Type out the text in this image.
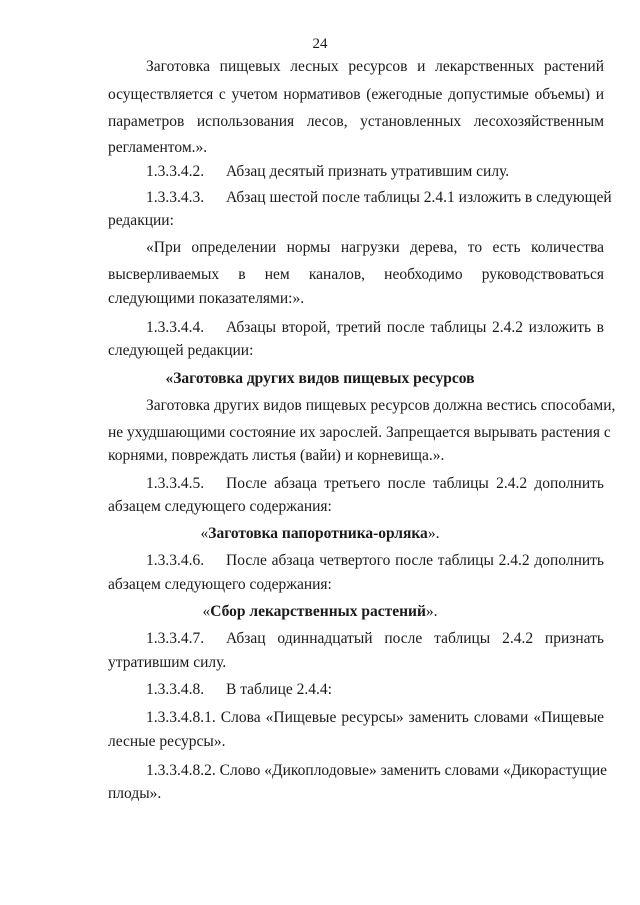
24
Заготовка пищевых лесных ресурсов и лекарственных растений
осуществляется с учетом нормативов (ежегодные допустимые объемы) и
параметров использования лесов, установленных лесохозяйственным
регламентом.».
1.3.3.4.2. Абзац десятый признать утратившим силу.
1.3.3.4.3. Абзац шестой после таблицы 2.4.1 изложить в следующей
редакции:
«При определении нормы нагрузки дерева, то есть количества
высверливаемых в нем каналов, необходимо руководствоваться
следующими показателями:».
1.3.3.4.4. Абзацы второй, третий после таблицы 2.4.2 изложить в
следующей редакции:
«Заготовка других видов пищевых ресурсов
Заготовка других видов пищевых ресурсов должна вестись способами,
не ухудшающими состояние их зарослей. Запрещается вырывать растения с
корнями, повреждать листья (вайи) и корневища.».
1.3.3.4.5. После абзаца третьего после таблицы 2.4.2 дополнить
абзацем следующего содержания:
«Заготовка папоротника-орляка».
1.3.3.4.6. После абзаца четвертого после таблицы 2.4.2 дополнить
абзацем следующего содержания:
«Сбор лекарственных растений».
1.3.3.4.7. Абзац одиннадцатый после таблицы 2.4.2 признать
утратившим силу.
1.3.3.4.8. В таблице 2.4.4:
1.3.3.4.8.1. Слова «Пищевые ресурсы» заменить словами «Пищевые
лесные ресурсы».
1.3.3.4.8.2. Слово «Дикоплодовые» заменить словами «Дикорастущие
плоды».
